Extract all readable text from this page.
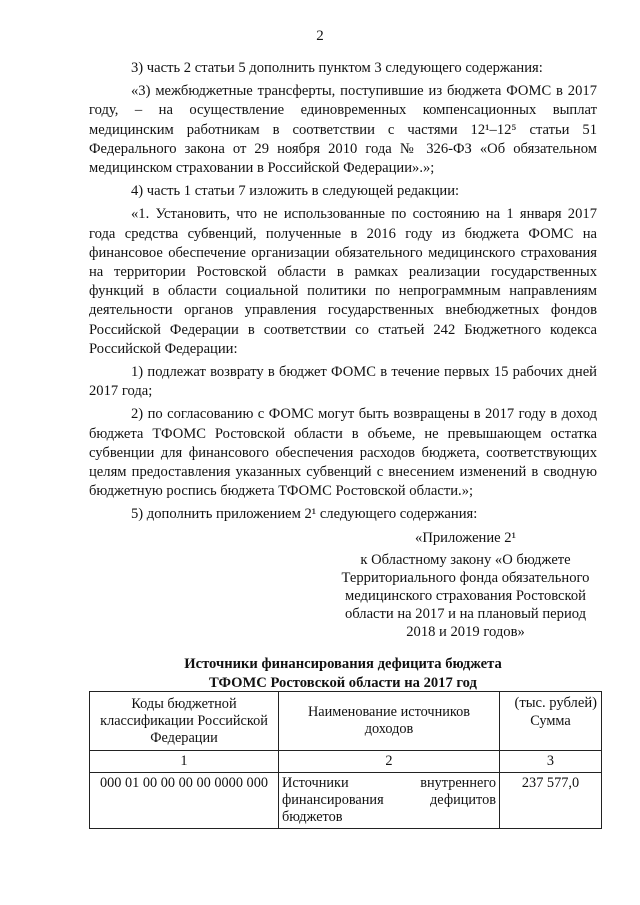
2

3) часть 2 статьи 5 дополнить пунктом 3 следующего содержания:

«3) межбюджетные трансферты, поступившие из бюджета ФОМС в 2017 году, – на осуществление единовременных компенсационных выплат медицинским работникам в соответствии с частями 12¹–12⁵ статьи 51 Федерального закона от 29 ноября 2010 года № 326-ФЗ «Об обязательном медицинском страховании в Российской Федерации».»;

4) часть 1 статьи 7 изложить в следующей редакции:

«1. Установить, что не использованные по состоянию на 1 января 2017 года средства субвенций, полученные в 2016 году из бюджета ФОМС на финансовое обеспечение организации обязательного медицинского страхования на территории Ростовской области в рамках реализации государственных функций в области социальной политики по непрограммным направлениям деятельности органов управления государственных внебюджетных фондов Российской Федерации в соответствии со статьей 242 Бюджетного кодекса Российской Федерации:

1) подлежат возврату в бюджет ФОМС в течение первых 15 рабочих дней 2017 года;

2) по согласованию с ФОМС могут быть возвращены в 2017 году в доход бюджета ТФОМС Ростовской области в объеме, не превышающем остатка субвенции для финансового обеспечения расходов бюджета, соответствующих целям предоставления указанных субвенций с внесением изменений в сводную бюджетную роспись бюджета ТФОМС Ростовской области.»;

5) дополнить приложением 2¹ следующего содержания:

«Приложение 2¹
к Областному закону «О бюджете Территориального фонда обязательного медицинского страхования Ростовской области на 2017 и на плановый период 2018 и 2019 годов»
Источники финансирования дефицита бюджета
ТФОМС Ростовской области на 2017 год
(тыс. рублей)
Коды бюджетной классификации Российской Федерации	Наименование источников доходов	Сумма
1	2	3
000 01 00 00 00 00 0000 000	Источники внутреннего финансирования дефицитов бюджетов	237 577,0
